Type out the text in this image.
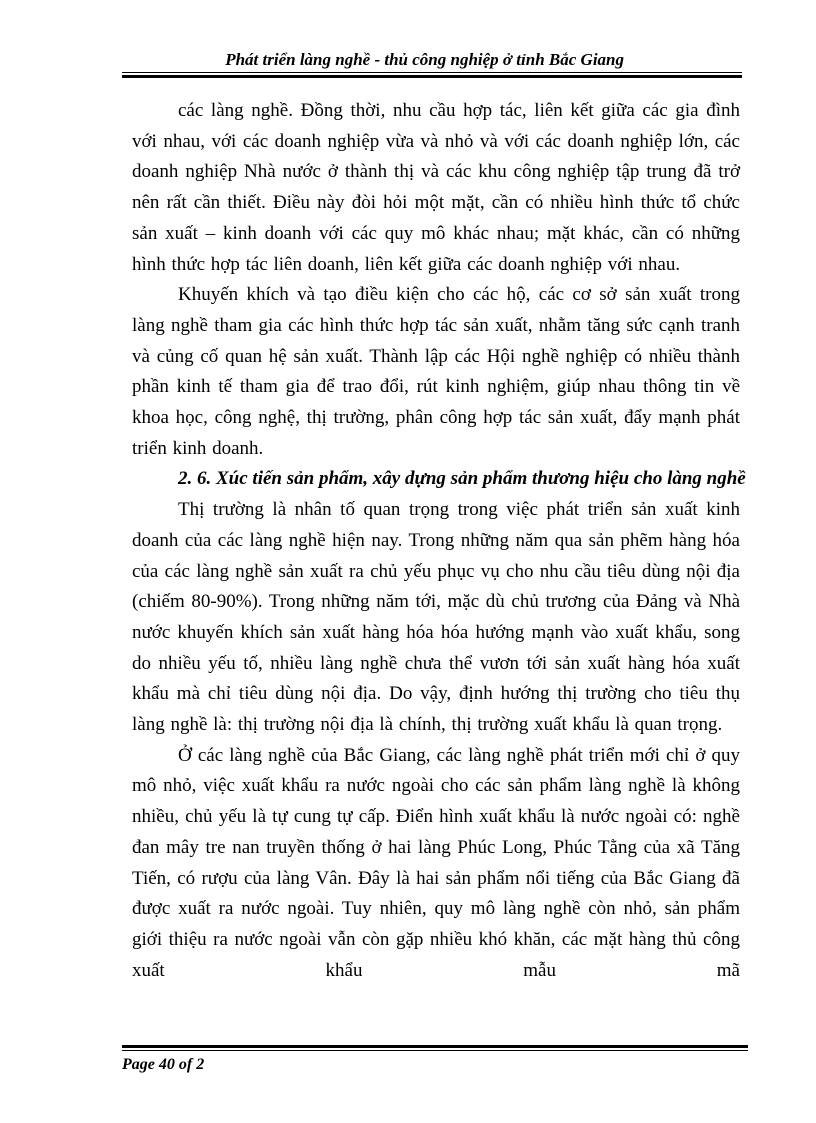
Phát triển làng nghề - thủ công nghiệp ở tỉnh Bắc Giang

các làng nghề. Đồng thời, nhu cầu hợp tác, liên kết giữa các gia đình với nhau, với các doanh nghiệp vừa và nhỏ và với các doanh nghiệp lớn, các doanh nghiệp Nhà nước ở thành thị và các khu công nghiệp tập trung đã trở nên rất cần thiết. Điều này đòi hỏi một mặt, cần có nhiều hình thức tổ chức sản xuất – kinh doanh với các quy mô khác nhau; mặt khác, cần có những hình thức hợp tác liên doanh, liên kết giữa các doanh nghiệp với nhau.

Khuyến khích và tạo điều kiện cho các hộ, các cơ sở sản xuất trong làng nghề tham gia các hình thức hợp tác sản xuất, nhằm tăng sức cạnh tranh và củng cố quan hệ sản xuất. Thành lập các Hội nghề nghiệp có nhiều thành phần kinh tế tham gia để trao đổi, rút kinh nghiệm, giúp nhau thông tin về khoa học, công nghệ, thị trường, phân công hợp tác sản xuất, đẩy mạnh phát triển kinh doanh.

2. 6. Xúc tiến sản phẩm, xây dựng sản phẩm thương hiệu cho làng nghề

Thị trường là nhân tố quan trọng trong việc phát triển sản xuất kinh doanh của các làng nghề hiện nay. Trong những năm qua sản phẽm hàng hóa của các làng nghề sản xuất ra chủ yếu phục vụ cho nhu cầu tiêu dùng nội địa (chiếm 80-90%). Trong những năm tới, mặc dù chủ trương của Đảng và Nhà nước khuyến khích sản xuất hàng hóa hóa hướng mạnh vào xuất khẩu, song do nhiều yếu tố, nhiều làng nghề chưa thể vươn tới sản xuất hàng hóa xuất khẩu mà chỉ tiêu dùng nội địa. Do vậy, định hướng thị trường cho tiêu thụ làng nghề là: thị trường nội địa là chính, thị trường xuất khẩu là quan trọng.

Ở các làng nghề của Bắc Giang, các làng nghề phát triển mới chỉ ở quy mô nhỏ, việc xuất khẩu ra nước ngoài cho các sản phẩm làng nghề là không nhiều, chủ yếu là tự cung tự cấp. Điển hình xuất khẩu là nước ngoài có: nghề đan mây tre nan truyền thống ở hai làng Phúc Long, Phúc Tằng của xã Tăng Tiến, có rượu của làng Vân. Đây là hai sản phẩm nổi tiếng của Bắc Giang đã được xuất ra nước ngoài. Tuy nhiên, quy mô làng nghề còn nhỏ, sản phẩm giới thiệu ra nước ngoài vẫn còn gặp nhiều khó khăn, các mặt hàng thủ công xuất khẩu mẫu mã

Page 40 of 2
